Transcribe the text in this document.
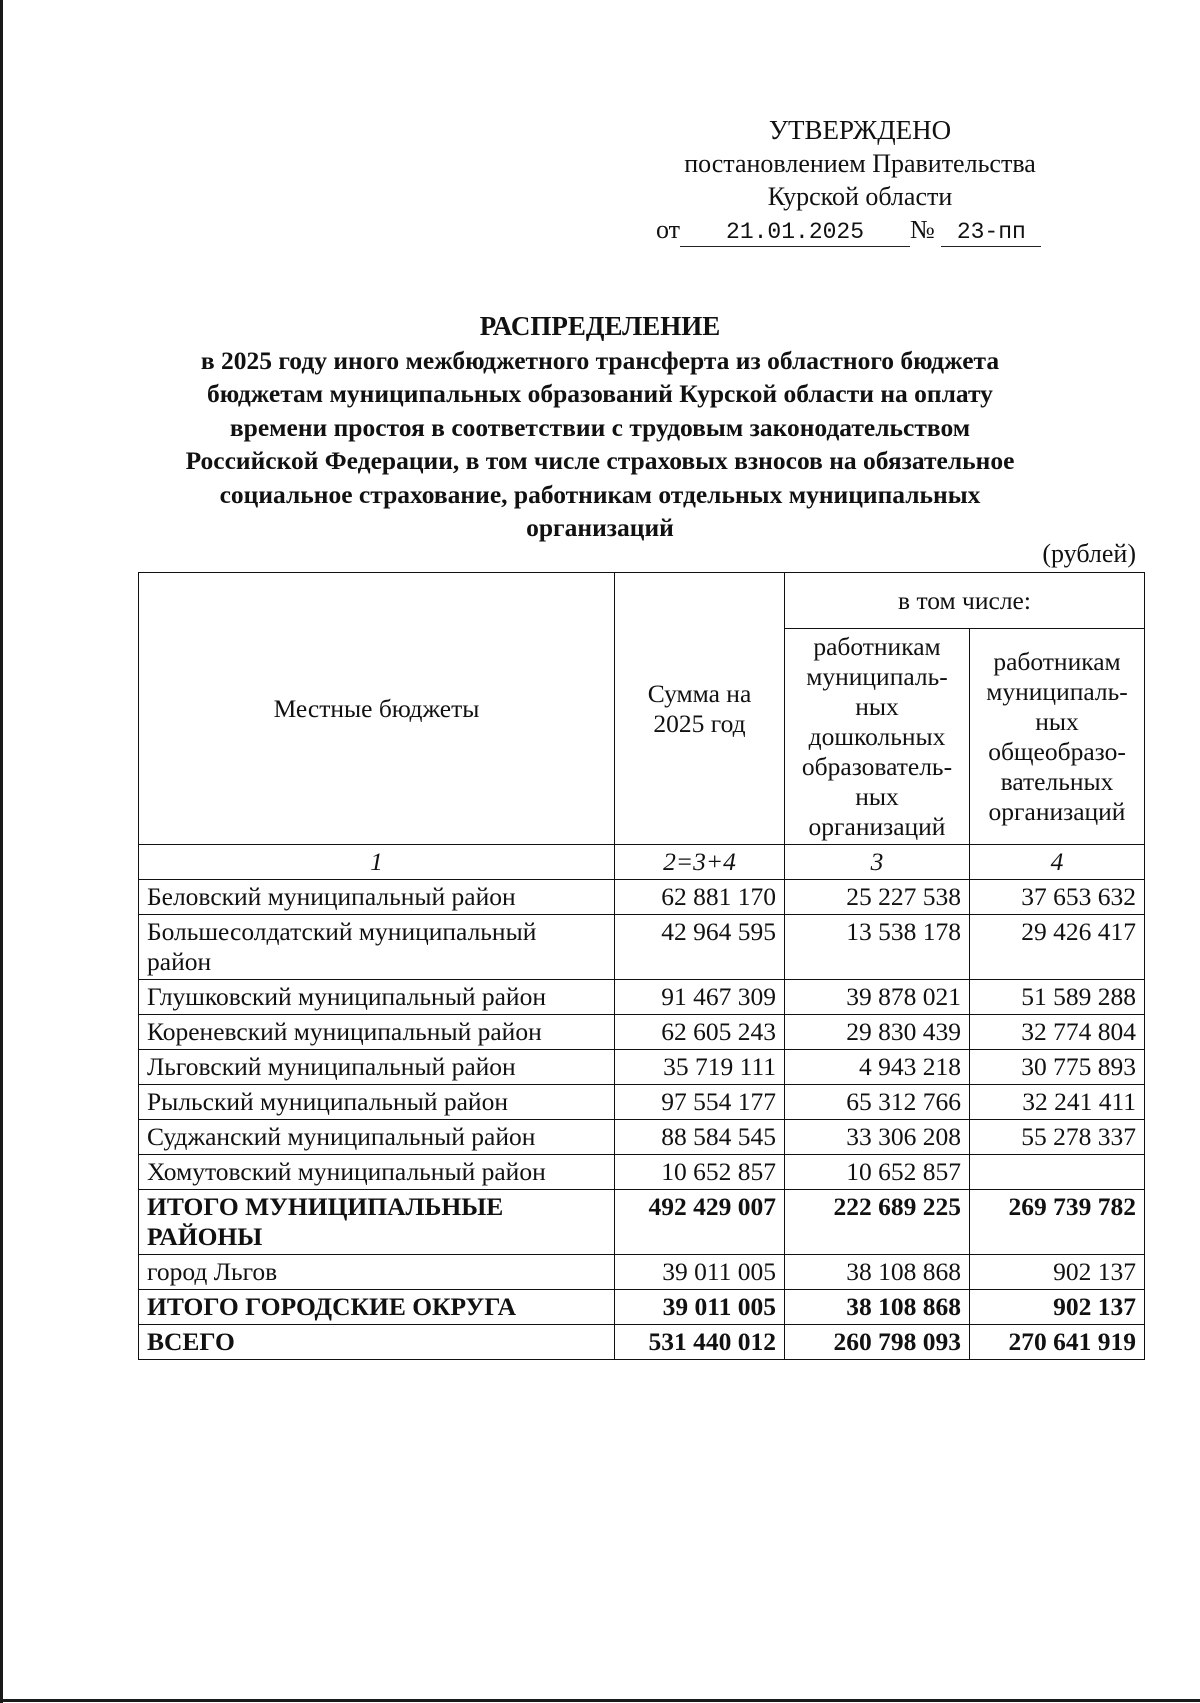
УТВЕРЖДЕНО
постановлением Правительства
Курской области
от 21.01.2025 № 23-пп
РАСПРЕДЕЛЕНИЕ
в 2025 году иного межбюджетного трансферта из областного бюджета
бюджетам муниципальных образований Курской области на оплату
времени простоя в соответствии с трудовым законодательством
Российской Федерации, в том числе страховых взносов на обязательное
социальное страхование, работникам отдельных муниципальных
организаций
(рублей)
Местные бюджеты	Сумма на 2025 год	в том числе:	
		работникам муниципаль-ных дошкольных образователь-ных организаций	работникам муниципаль-ных общеобразо-вательных организаций
1	2=3+4	3	4
Беловский муниципальный район	62 881 170	25 227 538	37 653 632
Большесолдатский муниципальный район	42 964 595	13 538 178	29 426 417
Глушковский муниципальный район	91 467 309	39 878 021	51 589 288
Кореневский муниципальный район	62 605 243	29 830 439	32 774 804
Льговский муниципальный район	35 719 111	4 943 218	30 775 893
Рыльский муниципальный район	97 554 177	65 312 766	32 241 411
Суджанский муниципальный район	88 584 545	33 306 208	55 278 337
Хомутовский муниципальный район	10 652 857	10 652 857	
ИТОГО МУНИЦИПАЛЬНЫЕ РАЙОНЫ	492 429 007	222 689 225	269 739 782
город Льгов	39 011 005	38 108 868	902 137
ИТОГО ГОРОДСКИЕ ОКРУГА	39 011 005	38 108 868	902 137
ВСЕГО	531 440 012	260 798 093	270 641 919
